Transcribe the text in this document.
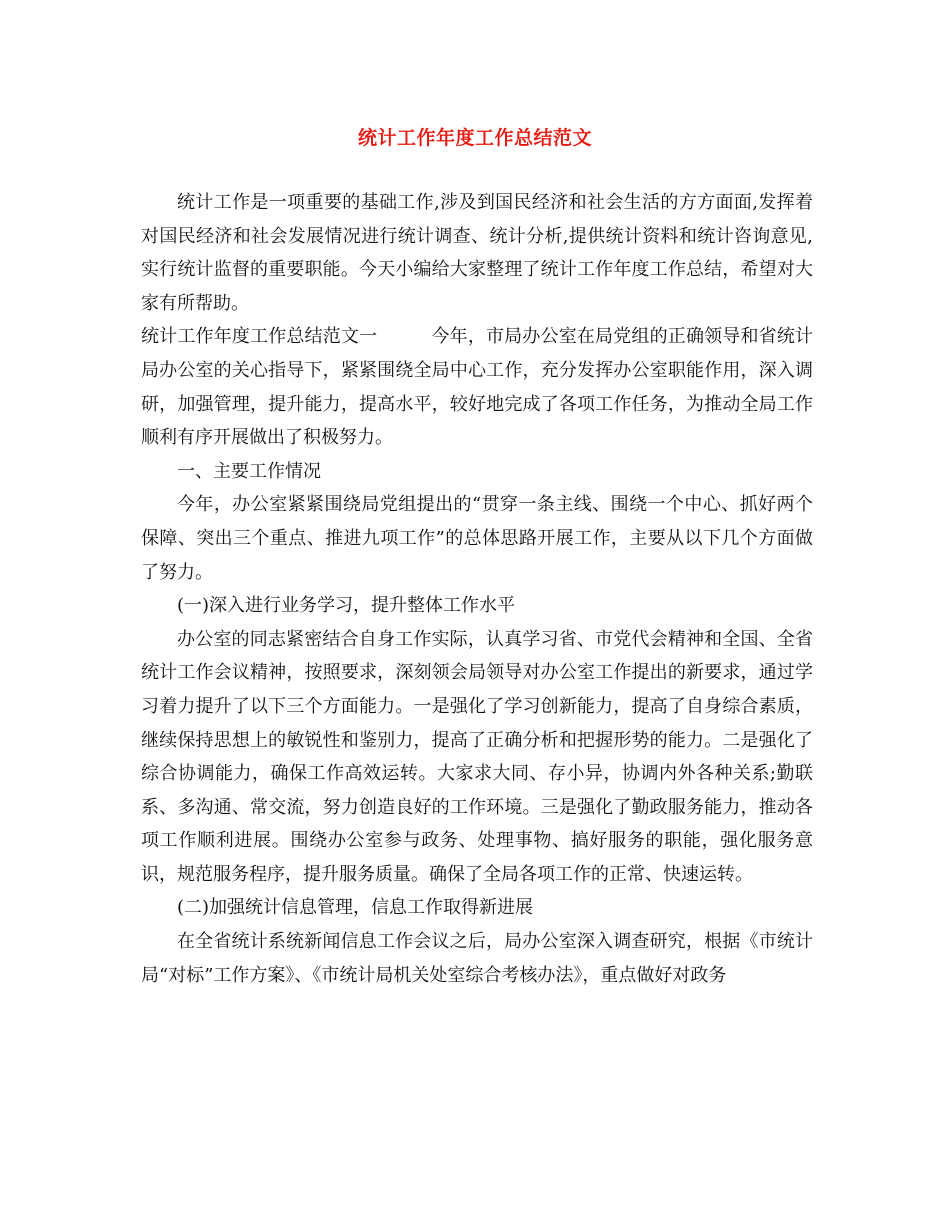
统计工作年度工作总结范文

统计工作是一项重要的基础工作,涉及到国民经济和社会生活的方方面面,发挥着对国民经济和社会发展情况进行统计调查、统计分析,提供统计资料和统计咨询意见,实行统计监督的重要职能。今天小编给大家整理了统计工作年度工作总结，希望对大家有所帮助。

统计工作年度工作总结范文一	今年，市局办公室在局党组的正确领导和省统计局办公室的关心指导下，紧紧围绕全局中心工作，充分发挥办公室职能作用，深入调研，加强管理，提升能力，提高水平，较好地完成了各项工作任务，为推动全局工作顺利有序开展做出了积极努力。

一、主要工作情况

今年，办公室紧紧围绕局党组提出的“贯穿一条主线、围绕一个中心、抓好两个保障、突出三个重点、推进九项工作”的总体思路开展工作，主要从以下几个方面做了努力。

(一)深入进行业务学习，提升整体工作水平

办公室的同志紧密结合自身工作实际，认真学习省、市党代会精神和全国、全省统计工作会议精神，按照要求，深刻领会局领导对办公室工作提出的新要求，通过学习着力提升了以下三个方面能力。一是强化了学习创新能力，提高了自身综合素质，继续保持思想上的敏锐性和鉴别力，提高了正确分析和把握形势的能力。二是强化了综合协调能力，确保工作高效运转。大家求大同、存小异，协调内外各种关系;勤联系、多沟通、常交流，努力创造良好的工作环境。三是强化了勤政服务能力，推动各项工作顺利进展。围绕办公室参与政务、处理事物、搞好服务的职能，强化服务意识，规范服务程序，提升服务质量。确保了全局各项工作的正常、快速运转。

(二)加强统计信息管理，信息工作取得新进展

在全省统计系统新闻信息工作会议之后，局办公室深入调查研究，根据《市统计局“对标”工作方案》、《市统计局机关处室综合考核办法》，重点做好对政务
